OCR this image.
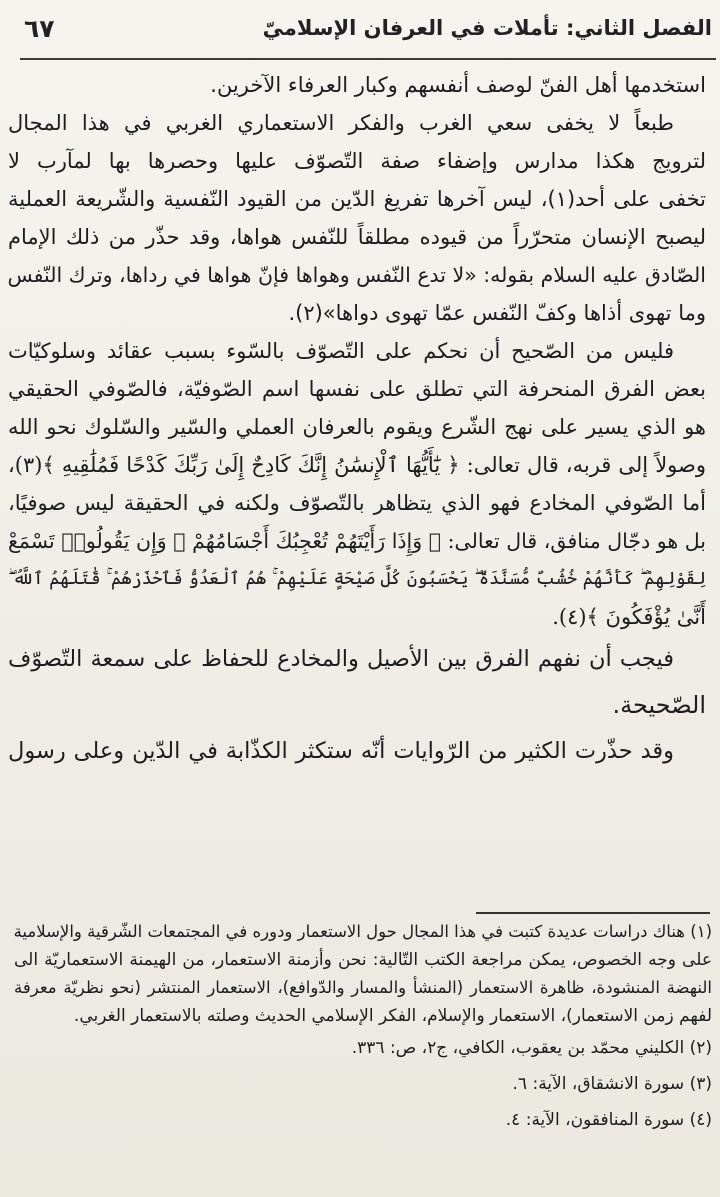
الفصل الثاني: تأملات في العرفان الإسلاميّ
٦٧
استخدمها أهل الفنّ لوصف أنفسهم وكبار العرفاء الآخرين.
طبعاً لا يخفى سعي الغرب والفكر الاستعماري الغربي في هذا المجال
لترويج هكذا مدارس وإضفاء صفة التّصوّف عليها وحصرها بها لمآرب لا
تخفى على أحد(١)، ليس آخرها تفريغ الدّين من القيود النّفسية والشّريعة العملية
ليصبح الإنسان متحرّراً من قيوده مطلقاً للنّفس هواها، وقد حذّر من ذلك الإمام
الصّادق عليه السلام بقوله: «لا تدع النّفس وهواها فإنّ هواها في رداها، وترك النّفس
وما تهوى أذاها وكفّ النّفس عمّا تهوى دواها»(٢).
فليس من الصّحيح أن نحكم على التّصوّف بالسّوء بسبب عقائد وسلوكيّات
بعض الفرق المنحرفة التي تطلق على نفسها اسم الصّوفيّة، فالصّوفي الحقيقي
هو الذي يسير على نهج الشّرع ويقوم بالعرفان العملي والسّير والسّلوك نحو الله
وصولاً إلى قربه، قال تعالى: ﴿ يَٰٓأَيُّهَا ٱلْإِنسَٰنُ إِنَّكَ كَادِحٌ إِلَىٰ رَبِّكَ كَدْحًا فَمُلَٰقِيهِ ﴾(٣)،
أما الصّوفي المخادع فهو الذي يتظاهر بالتّصوّف ولكنه في الحقيقة ليس صوفيًا،
بل هو دجّال منافق، قال تعالى: ﴿ وَإِذَا رَأَيْتَهُمْ تُعْجِبُكَ أَجْسَامُهُمْ ۖ وَإِن يَقُولُوا۟ تَسْمَعْ
لِقَوْلِهِمْ ۖ كَأَنَّهُمْ خُشُبٌ مُّسَنَّدَةٌ ۖ يَحْسَبُونَ كُلَّ صَيْحَةٍ عَلَيْهِمْ ۚ هُمُ ٱلْعَدُوُّ فَٱحْذَرْهُمْ ۚ قَٰتَلَهُمُ ٱللَّهُ ۖ
أَنَّىٰ يُؤْفَكُونَ ﴾(٤).
فيجب أن نفهم الفرق بين الأصيل والمخادع للحفاظ على سمعة التّصوّف
الصّحيحة.
وقد حذّرت الكثير من الرّوايات أنّه ستكثر الكذّابة في الدّين وعلى رسول
(١) هناك دراسات عديدة كتبت في هذا المجال حول الاستعمار ودوره في المجتمعات الشّرقية والإسلامية
على وجه الخصوص، يمكن مراجعة الكتب التّالية: نحن وأزمنة الاستعمار، من الهيمنة الاستعماريّة الى
النهضة المنشودة، ظاهرة الاستعمار (المنشأ والمسار والدّوافع)، الاستعمار المنتشر (نحو نظريّة معرفة
لفهم زمن الاستعمار)، الاستعمار والإسلام، الفكر الإسلامي الحديث وصلته بالاستعمار الغربي.
(٢) الكليني محمّد بن يعقوب، الكافي، ج٢، ص: ٣٣٦.
(٣) سورة الانشقاق، الآية: ٦.
(٤) سورة المنافقون، الآية: ٤.
